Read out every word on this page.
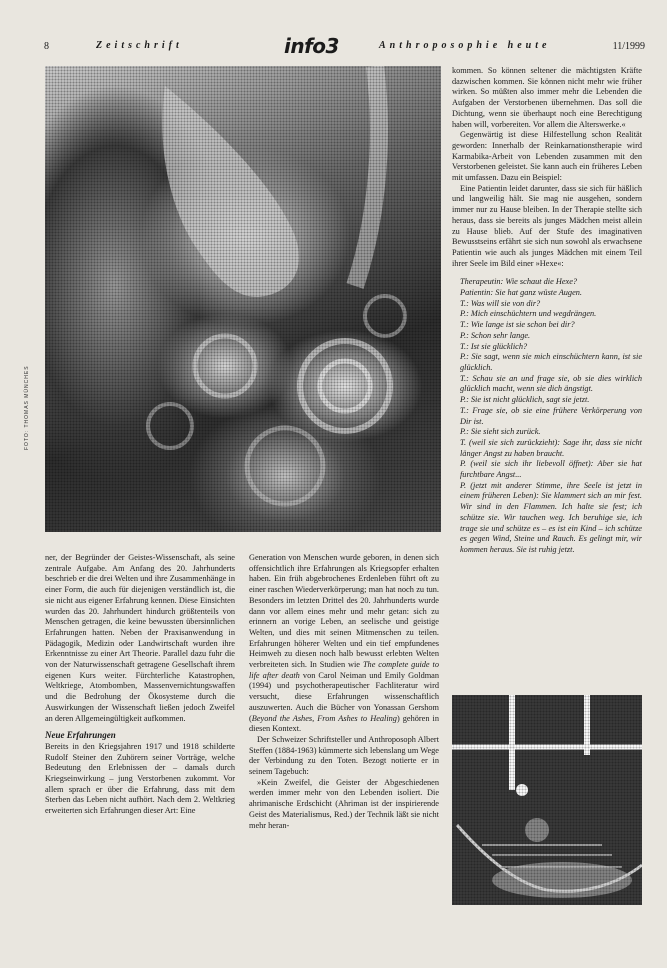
8	Zeitschrift	info3	Anthroposophie heute	11/1999
FOTO: THOMAS MÜNCHES

ner, der Begründer der Geistes-Wissenschaft, als seine zentrale Aufgabe. Am Anfang des 20. Jahrhunderts beschrieb er die drei Welten und ihre Zusammenhänge in einer Form, die auch für diejenigen verständlich ist, die sie nicht aus eigener Erfahrung kennen. Diese Einsichten wurden das 20. Jahrhundert hindurch größtenteils von Menschen getragen, die keine bewussten übersinnlichen Erfahrungen hatten. Neben der Praxisanwendung in Pädagogik, Medizin oder Landwirtschaft wurden ihre Erkenntnisse zu einer Art Theorie. Parallel dazu fuhr die von der Naturwissenschaft getragene Gesellschaft ihrem eigenen Kurs weiter. Fürchterliche Katastrophen, Weltkriege, Atombomben, Massenvernichtungswaffen und die Bedrohung der Ökosysteme durch die Auswirkungen der Wissenschaft ließen jedoch Zweifel an deren Allgemeingültigkeit aufkommen.

Neue Erfahrungen

Bereits in den Kriegsjahren 1917 und 1918 schilderte Rudolf Steiner den Zuhörern seiner Vorträge, welche Bedeutung den Erlebnissen der – damals durch Kriegseinwirkung – jung Verstorbenen zukommt. Vor allem sprach er über die Erfahrung, dass mit dem Sterben das Leben nicht aufhört. Nach dem 2. Weltkrieg erweiterten sich Erfahrungen dieser Art: Eine

Generation von Menschen wurde geboren, in denen sich offensichtlich ihre Erfahrungen als Kriegsopfer erhalten haben. Ein früh abgebrochenes Erdenleben führt oft zu einer raschen Wiederverkörperung; man hat noch zu tun. Besonders im letzten Drittel des 20. Jahrhunderts wurde dann vor allem eines mehr und mehr getan: sich zu erinnern an vorige Leben, an seelische und geistige Welten, und dies mit seinen Mitmenschen zu teilen. Erfahrungen höherer Welten und ein tief empfundenes Heimweh zu diesen noch halb bewusst erlebten Welten verbreiteten sich. In Studien wie The complete guide to life after death von Carol Neiman und Emily Goldman (1994) und psychotherapeutischer Fachliteratur wird versucht, diese Erfahrungen wissenschaftlich auszuwerten. Auch die Bücher von Yonassan Gershom (Beyond the Ashes, From Ashes to Healing) gehören in diesen Kontext.

Der Schweizer Schriftsteller und Anthroposoph Albert Steffen (1884-1963) kümmerte sich lebenslang um Wege der Verbindung zu den Toten. Bezogt notierte er in seinem Tagebuch:

»Kein Zweifel, die Geister der Abgeschiedenen werden immer mehr von den Lebenden isoliert. Die ahrimanische Erdschicht (Ahriman ist der inspirierende Geist des Materialismus, Red.) der Technik läßt sie nicht mehr heran-

kommen. So können seltener die mächtigsten Kräfte dazwischen kommen. Sie können nicht mehr wie früher wirken. So müßten also immer mehr die Lebenden die Aufgaben der Verstorbenen übernehmen. Das soll die Dichtung, wenn sie überhaupt noch eine Berechtigung haben will, vorbereiten. Vor allem die Alterswerke.«

Gegenwärtig ist diese Hilfestellung schon Realität geworden: Innerhalb der Reinkarnationstherapie wird Karmabika-Arbeit von Lebenden zusammen mit den Verstorbenen geleistet. Sie kann auch ein früheres Leben mit umfassen. Dazu ein Beispiel:

Eine Patientin leidet darunter, dass sie sich für häßlich und langweilig hält. Sie mag nie ausgehen, sondern immer nur zu Hause bleiben. In der Therapie stellte sich heraus, dass sie bereits als junges Mädchen meist allein zu Hause blieb. Auf der Stufe des imaginativen Bewusstseins erfährt sie sich nun sowohl als erwachsene Patientin wie auch als junges Mädchen mit einem Teil ihrer Seele im Bild einer »Hexe«:

Therapeutin: Wie schaut die Hexe?

Patientin: Sie hat ganz wüste Augen.

T.: Was will sie von dir?

P.: Mich einschüchtern und wegdrängen.

T.: Wie lange ist sie schon bei dir?

P.: Schon sehr lange.

T.: Ist sie glücklich?

P.: Sie sagt, wenn sie mich einschüchtern kann, ist sie glücklich.

T.: Schau sie an und frage sie, ob sie dies wirklich glücklich macht, wenn sie dich ängstigt.

P.: Sie ist nicht glücklich, sagt sie jetzt.

T.: Frage sie, ob sie eine frühere Verkörperung von Dir ist.

P.: Sie sieht sich zurück.

T. (weil sie sich zurückzieht): Sage ihr, dass sie nicht länger Angst zu haben braucht.

P. (weil sie sich ihr liebevoll öffnet): Aber sie hat furchtbare Angst...

P. (jetzt mit anderer Stimme, ihre Seele ist jetzt in einem früheren Leben): Sie klammert sich an mir fest. Wir sind in den Flammen. Ich halte sie fest; ich schütze sie. Wir tauchen weg. Ich beruhige sie, ich trage sie und schütze es – es ist ein Kind – ich schütze es gegen Wind, Steine und Rauch. Es gelingt mir, wir kommen heraus. Sie ist ruhig jetzt.
